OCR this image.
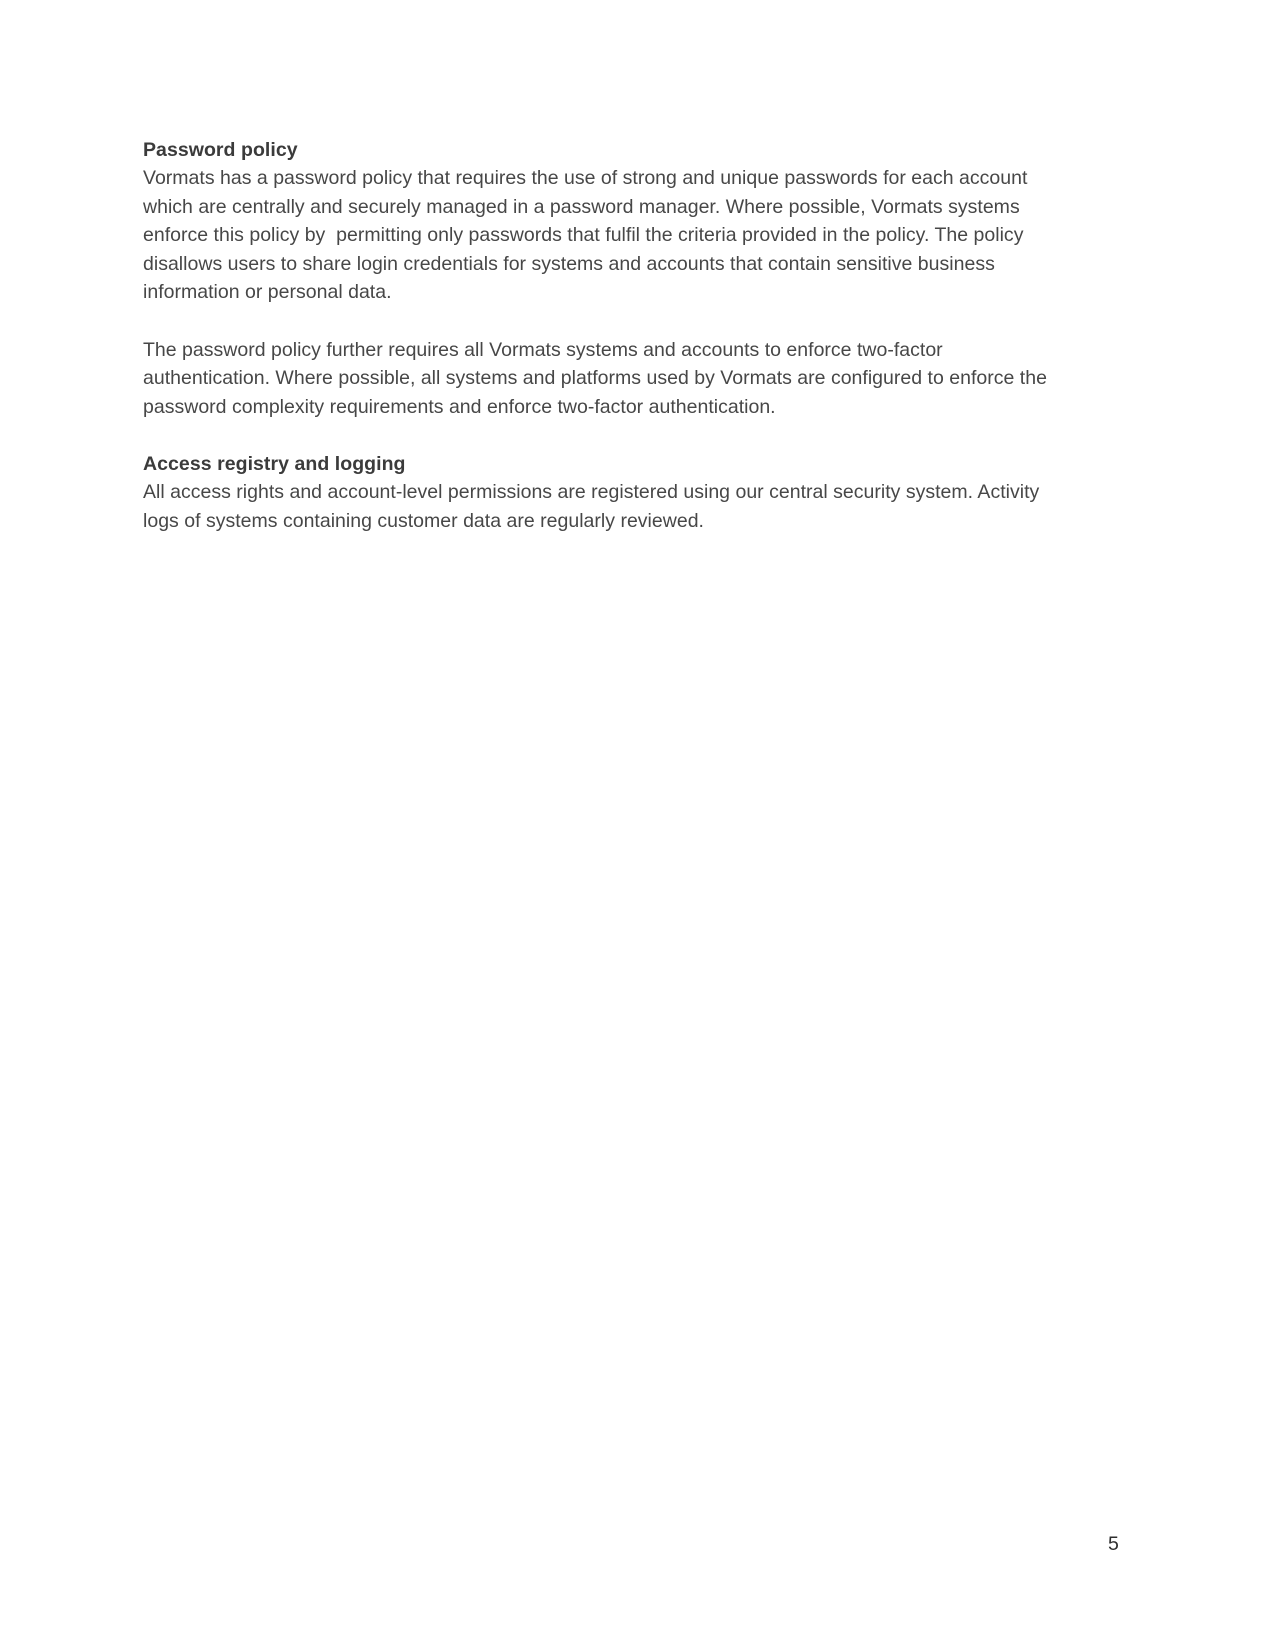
Password policy

Vormats has a password policy that requires the use of strong and unique passwords for each account which are centrally and securely managed in a password manager. Where possible, Vormats systems enforce this policy by  permitting only passwords that fulfil the criteria provided in the policy. The policy disallows users to share login credentials for systems and accounts that contain sensitive business information or personal data.

The password policy further requires all Vormats systems and accounts to enforce two-factor authentication. Where possible, all systems and platforms used by Vormats are configured to enforce the password complexity requirements and enforce two-factor authentication.

Access registry and logging

All access rights and account-level permissions are registered using our central security system. Activity logs of systems containing customer data are regularly reviewed.

5
